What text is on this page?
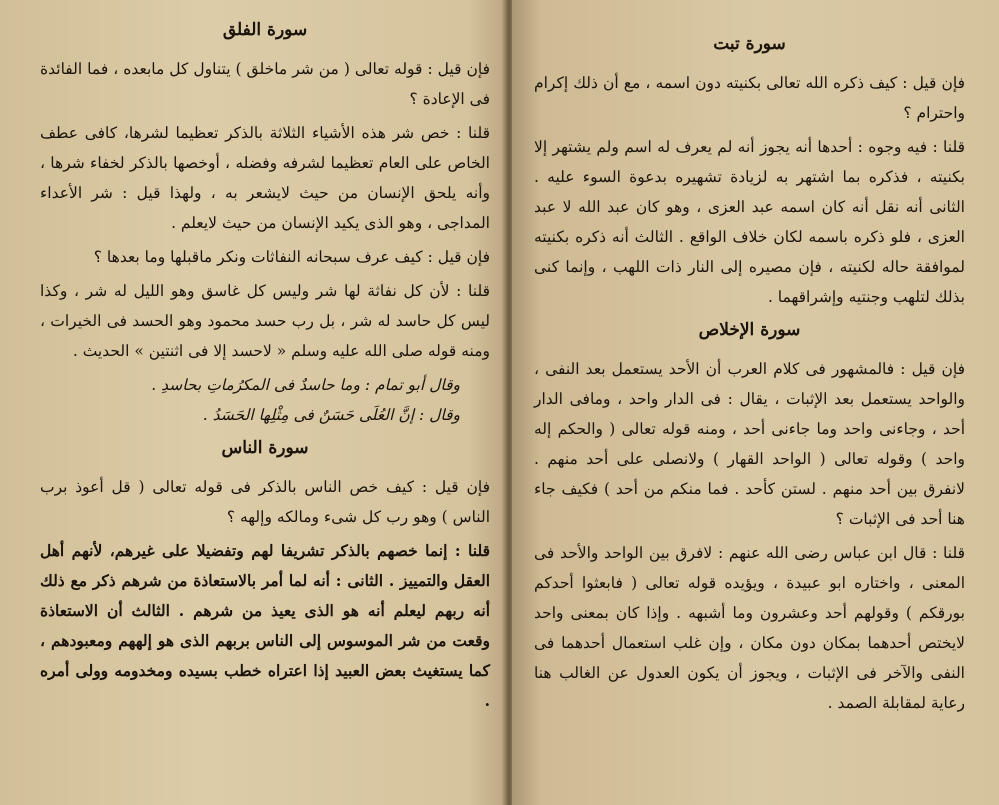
سورة الفلق

فإن قيل : قوله تعالى ( من شر ماخلق ) يتناول كل مابعده ، فما الفائدة فى الإعادة ؟

قلنا : خص شر هذه الأشياء الثلاثة بالذكر تعظيما لشرها، كافى عطف الخاص على العام تعظيما لشرفه وفضله ، أوخصها بالذكر لخفاء شرها ، وأنه يلحق الإنسان من حيث لايشعر به ، ولهذا قيل : شر الأعداء المداجى ، وهو الذى يكيد الإنسان من حيث لايعلم .

فإن قيل : كيف عرف سبحانه النفاثات ونكر ماقبلها وما بعدها ؟

قلنا : لأن كل نفاثة لها شر وليس كل غاسق وهو الليل له شر ، وكذا ليس كل حاسد له شر ، بل رب حسد محمود وهو الحسد فى الخيرات ، ومنه قوله صلى الله عليه وسلم « لاحسد إلا فى اثنتين » الحديث .

وقال أبو تمام : وما حاسدٌ فى المكرُماتِ بحاسدِ .

وقال : إنَّ العُلَى حَسَنٌ فى مِثْلِها الحَسَدُ .

سورة الناس

فإن قيل : كيف خص الناس بالذكر فى قوله تعالى ( قل أعوذ برب الناس ) وهو رب كل شىء ومالكه وإلهه ؟

قلنا : إنما خصهم بالذكر تشريفا لهم وتفضيلا على غيرهم، لأنهم أهل العقل والتمييز . الثانى : أنه لما أمر بالاستعاذة من شرهم ذكر مع ذلك أنه ربهم ليعلم أنه هو الذى يعيذ من شرهم . الثالث أن الاستعاذة وقعت من شر الموسوس إلى الناس بربهم الذى هو إلههم ومعبودهم ، كما يستغيث بعض العبيد إذا اعتراه خطب بسيده ومخدومه وولى أمره .

سورة تبت

فإن قيل : كيف ذكره الله تعالى بكنيته دون اسمه ، مع أن ذلك إكرام واحترام ؟

قلنا : فيه وجوه : أحدها أنه يجوز أنه لم يعرف له اسم ولم يشتهر إلا بكنيته ، فذكره بما اشتهر به لزيادة تشهيره بدعوة السوء عليه . الثانى أنه نقل أنه كان اسمه عبد العزى ، وهو كان عبد الله لا عبد العزى ، فلو ذكره باسمه لكان خلاف الواقع . الثالث أنه ذكره بكنيته لموافقة حاله لكنيته ، فإن مصيره إلى النار ذات اللهب ، وإنما كنى بذلك لتلهب وجنتيه وإشراقهما .

سورة الإخلاص

فإن قيل : فالمشهور فى كلام العرب أن الأحد يستعمل بعد النفى ، والواحد يستعمل بعد الإثبات ، يقال : فى الدار واحد ، ومافى الدار أحد ، وجاءنى واحد وما جاءنى أحد ، ومنه قوله تعالى ( والحكم إله واحد ) وقوله تعالى ( الواحد القهار ) ولانصلى على أحد منهم . لانفرق بين أحد منهم . لستن كأحد . فما منكم من أحد ) فكيف جاء هنا أحد فى الإثبات ؟

قلنا : قال ابن عباس رضى الله عنهم : لافرق بين الواحد والأحد فى المعنى ، واختاره ابو عبيدة ، ويؤيده قوله تعالى ( فابعثوا أحدكم بورقكم ) وقولهم أحد وعشرون وما أشبهه . وإذا كان بمعنى واحد لايختص أحدهما بمكان دون مكان ، وإن غلب استعمال أحدهما فى النفى والآخر فى الإثبات ، ويجوز أن يكون العدول عن الغالب هنا رعاية لمقابلة الصمد .
